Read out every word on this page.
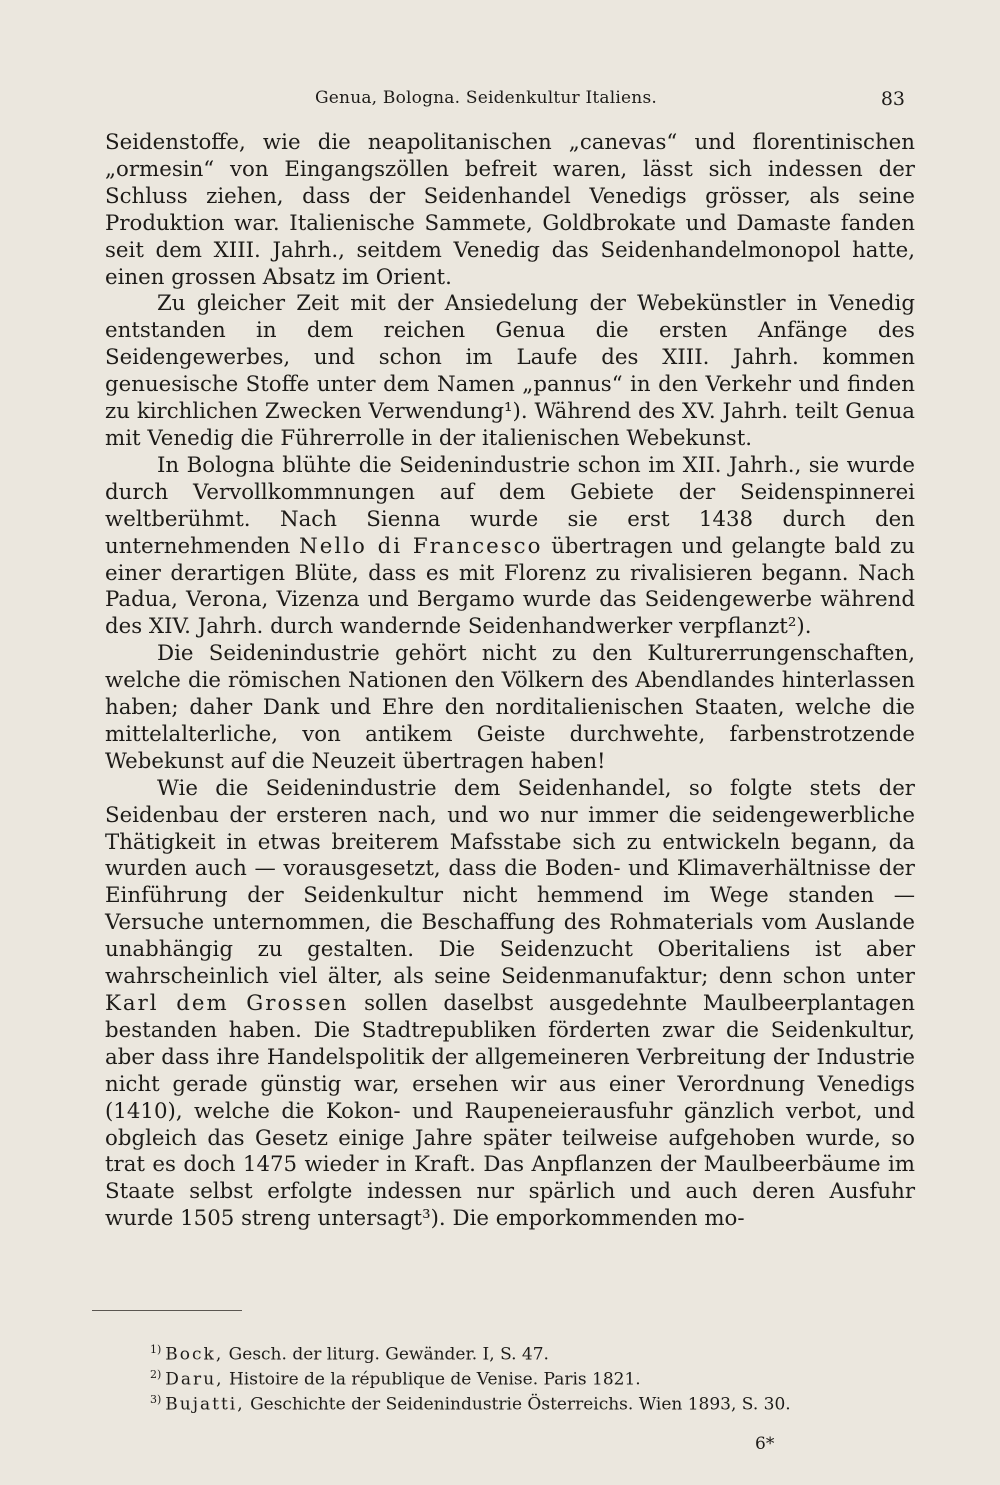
Genua, Bologna. Seidenkultur Italiens.	83

Seidenstoffe, wie die neapolitanischen „canevas“ und florentinischen „ormesin“ von Eingangszöllen befreit waren, lässt sich indessen der Schluss ziehen, dass der Seidenhandel Venedigs grösser, als seine Produktion war. Italienische Sammete, Goldbrokate und Damaste fanden seit dem XIII. Jahrh., seitdem Venedig das Seidenhandelmonopol hatte, einen grossen Absatz im Orient.

Zu gleicher Zeit mit der Ansiedelung der Webekünstler in Venedig entstanden in dem reichen Genua die ersten Anfänge des Seidengewerbes, und schon im Laufe des XIII. Jahrh. kommen genuesische Stoffe unter dem Namen „pannus“ in den Verkehr und finden zu kirchlichen Zwecken Verwendung¹). Während des XV. Jahrh. teilt Genua mit Venedig die Führerrolle in der italienischen Webekunst.

In Bologna blühte die Seidenindustrie schon im XII. Jahrh., sie wurde durch Vervollkommnungen auf dem Gebiete der Seidenspinnerei weltberühmt. Nach Sienna wurde sie erst 1438 durch den unternehmenden Nello di Francesco übertragen und gelangte bald zu einer derartigen Blüte, dass es mit Florenz zu rivalisieren begann. Nach Padua, Verona, Vizenza und Bergamo wurde das Seidengewerbe während des XIV. Jahrh. durch wandernde Seidenhandwerker verpflanzt²).

Die Seidenindustrie gehört nicht zu den Kulturerrungenschaften, welche die römischen Nationen den Völkern des Abendlandes hinterlassen haben; daher Dank und Ehre den norditalienischen Staaten, welche die mittelalterliche, von antikem Geiste durchwehte, farbenstrotzende Webekunst auf die Neuzeit übertragen haben!

Wie die Seidenindustrie dem Seidenhandel, so folgte stets der Seidenbau der ersteren nach, und wo nur immer die seidengewerbliche Thätigkeit in etwas breiterem Mafsstabe sich zu entwickeln begann, da wurden auch — vorausgesetzt, dass die Boden- und Klimaverhältnisse der Einführung der Seidenkultur nicht hemmend im Wege standen — Versuche unternommen, die Beschaffung des Rohmaterials vom Auslande unabhängig zu gestalten. Die Seidenzucht Oberitaliens ist aber wahrscheinlich viel älter, als seine Seidenmanufaktur; denn schon unter Karl dem Grossen sollen daselbst ausgedehnte Maulbeerplantagen bestanden haben. Die Stadtrepubliken förderten zwar die Seidenkultur, aber dass ihre Handelspolitik der allgemeineren Verbreitung der Industrie nicht gerade günstig war, ersehen wir aus einer Verordnung Venedigs (1410), welche die Kokon- und Raupeneierausfuhr gänzlich verbot, und obgleich das Gesetz einige Jahre später teilweise aufgehoben wurde, so trat es doch 1475 wieder in Kraft. Das Anpflanzen der Maulbeerbäume im Staate selbst erfolgte indessen nur spärlich und auch deren Ausfuhr wurde 1505 streng untersagt³). Die emporkommenden mo-

$^{1)}$ Bock, Gesch. der liturg. Gewänder. I, S. 47.
$^{2)}$ Daru, Histoire de la république de Venise. Paris 1821.
$^{3)}$ Bujatti, Geschichte der Seidenindustrie Österreichs. Wien 1893, S. 30.
6*
